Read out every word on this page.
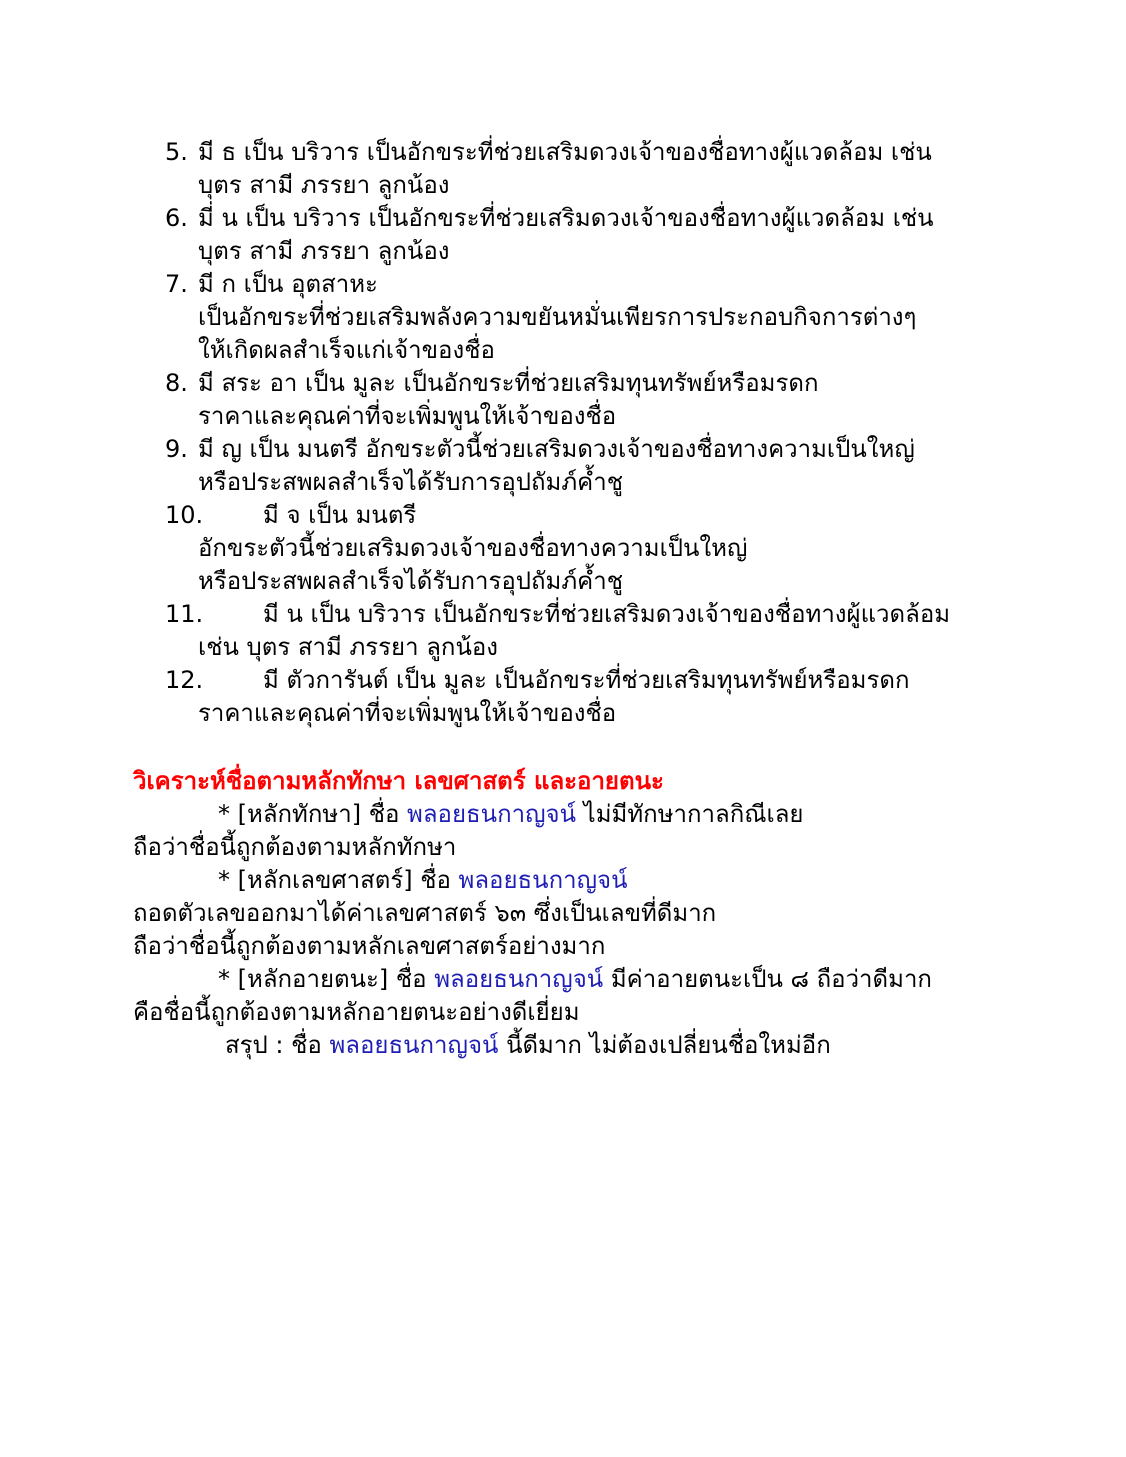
5. มี ธ เป็น บริวาร เป็นอักขระที่ช่วยเสริมดวงเจ้าของชื่อทางผู้แวดล้อม เช่น
บุตร สามี ภรรยา ลูกน้อง
6. มี่ น เป็น บริวาร เป็นอักขระที่ช่วยเสริมดวงเจ้าของชื่อทางผู้แวดล้อม เช่น
บุตร สามี ภรรยา ลูกน้อง
7. มี ก เป็น อุตสาหะ
เป็นอักขระที่ช่วยเสริมพลังความขยันหมั่นเพียรการประกอบกิจการต่างๆ
ให้เกิดผลสำเร็จแก่เจ้าของชื่อ
8. มี สระ อา เป็น มูละ เป็นอักขระที่ช่วยเสริมทุนทรัพย์หรือมรดก
ราคาและคุณค่าที่จะเพิ่มพูนให้เจ้าของชื่อ
9. มี ญ เป็น มนตรี อักขระตัวนี้ช่วยเสริมดวงเจ้าของชื่อทางความเป็นใหญ่
หรือประสพผลสำเร็จได้รับการอุปถัมภ์ค้ำชู
10. มี จ เป็น มนตรี
อักขระตัวนี้ช่วยเสริมดวงเจ้าของชื่อทางความเป็นใหญ่
หรือประสพผลสำเร็จได้รับการอุปถัมภ์ค้ำชู
11. มี น เป็น บริวาร เป็นอักขระที่ช่วยเสริมดวงเจ้าของชื่อทางผู้แวดล้อม
เช่น บุตร สามี ภรรยา ลูกน้อง
12. มี ตัวการันต์ เป็น มูละ เป็นอักขระที่ช่วยเสริมทุนทรัพย์หรือมรดก
ราคาและคุณค่าที่จะเพิ่มพูนให้เจ้าของชื่อ
วิเคราะห์ชื่อตามหลักทักษา เลขศาสตร์ และอายตนะ
* [หลักทักษา] ชื่อ พลอยธนกาญจน์ ไม่มีทักษากาลกิณีเลย
ถือว่าชื่อนี้ถูกต้องตามหลักทักษา
* [หลักเลขศาสตร์] ชื่อ พลอยธนกาญจน์
ถอดตัวเลขออกมาได้ค่าเลขศาสตร์ ๖๓ ซึ่งเป็นเลขที่ดีมาก
ถือว่าชื่อนี้ถูกต้องตามหลักเลขศาสตร์อย่างมาก
* [หลักอายตนะ] ชื่อ พลอยธนกาญจน์ มีค่าอายตนะเป็น ๘ ถือว่าดีมาก
คือชื่อนี้ถูกต้องตามหลักอายตนะอย่างดีเยี่ยม
สรุป : ชื่อ พลอยธนกาญจน์ นี้ดีมาก ไม่ต้องเปลี่ยนชื่อใหม่อีก
